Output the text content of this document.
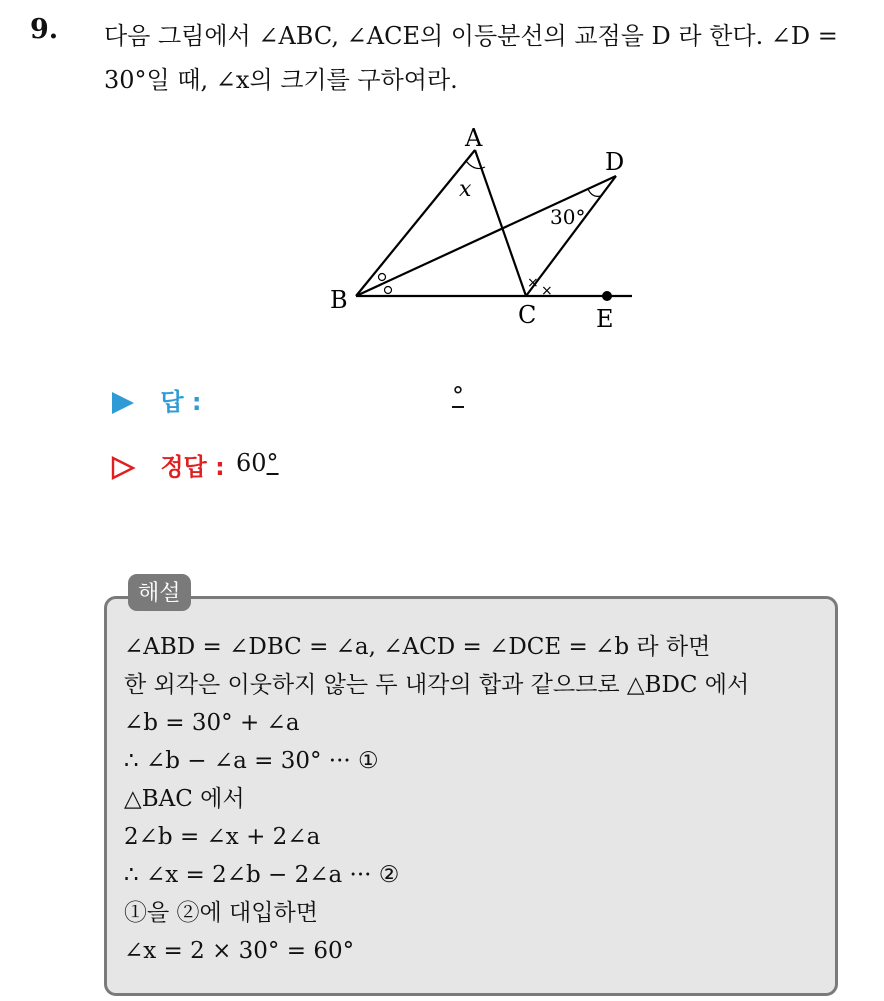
9. 다음 그림에서 ∠ABC, ∠ACE의 이등분선의 교점을 D 라 한다. ∠D = 30°일 때, ∠x의 크기를 구하여라.
× ×
A
B
C
D
E
x
30°
답 :	°
정답 : 60°
해설
∠ABD = ∠DBC = ∠a, ∠ACD = ∠DCE = ∠b 라 하면
한 외각은 이웃하지 않는 두 내각의 합과 같으므로 △BDC 에서
∠b = 30° + ∠a
∴ ∠b − ∠a = 30° ··· ①
△BAC 에서
2∠b = ∠x + 2∠a
∴ ∠x = 2∠b − 2∠a ··· ②
①을 ②에 대입하면
∠x = 2 × 30° = 60°
